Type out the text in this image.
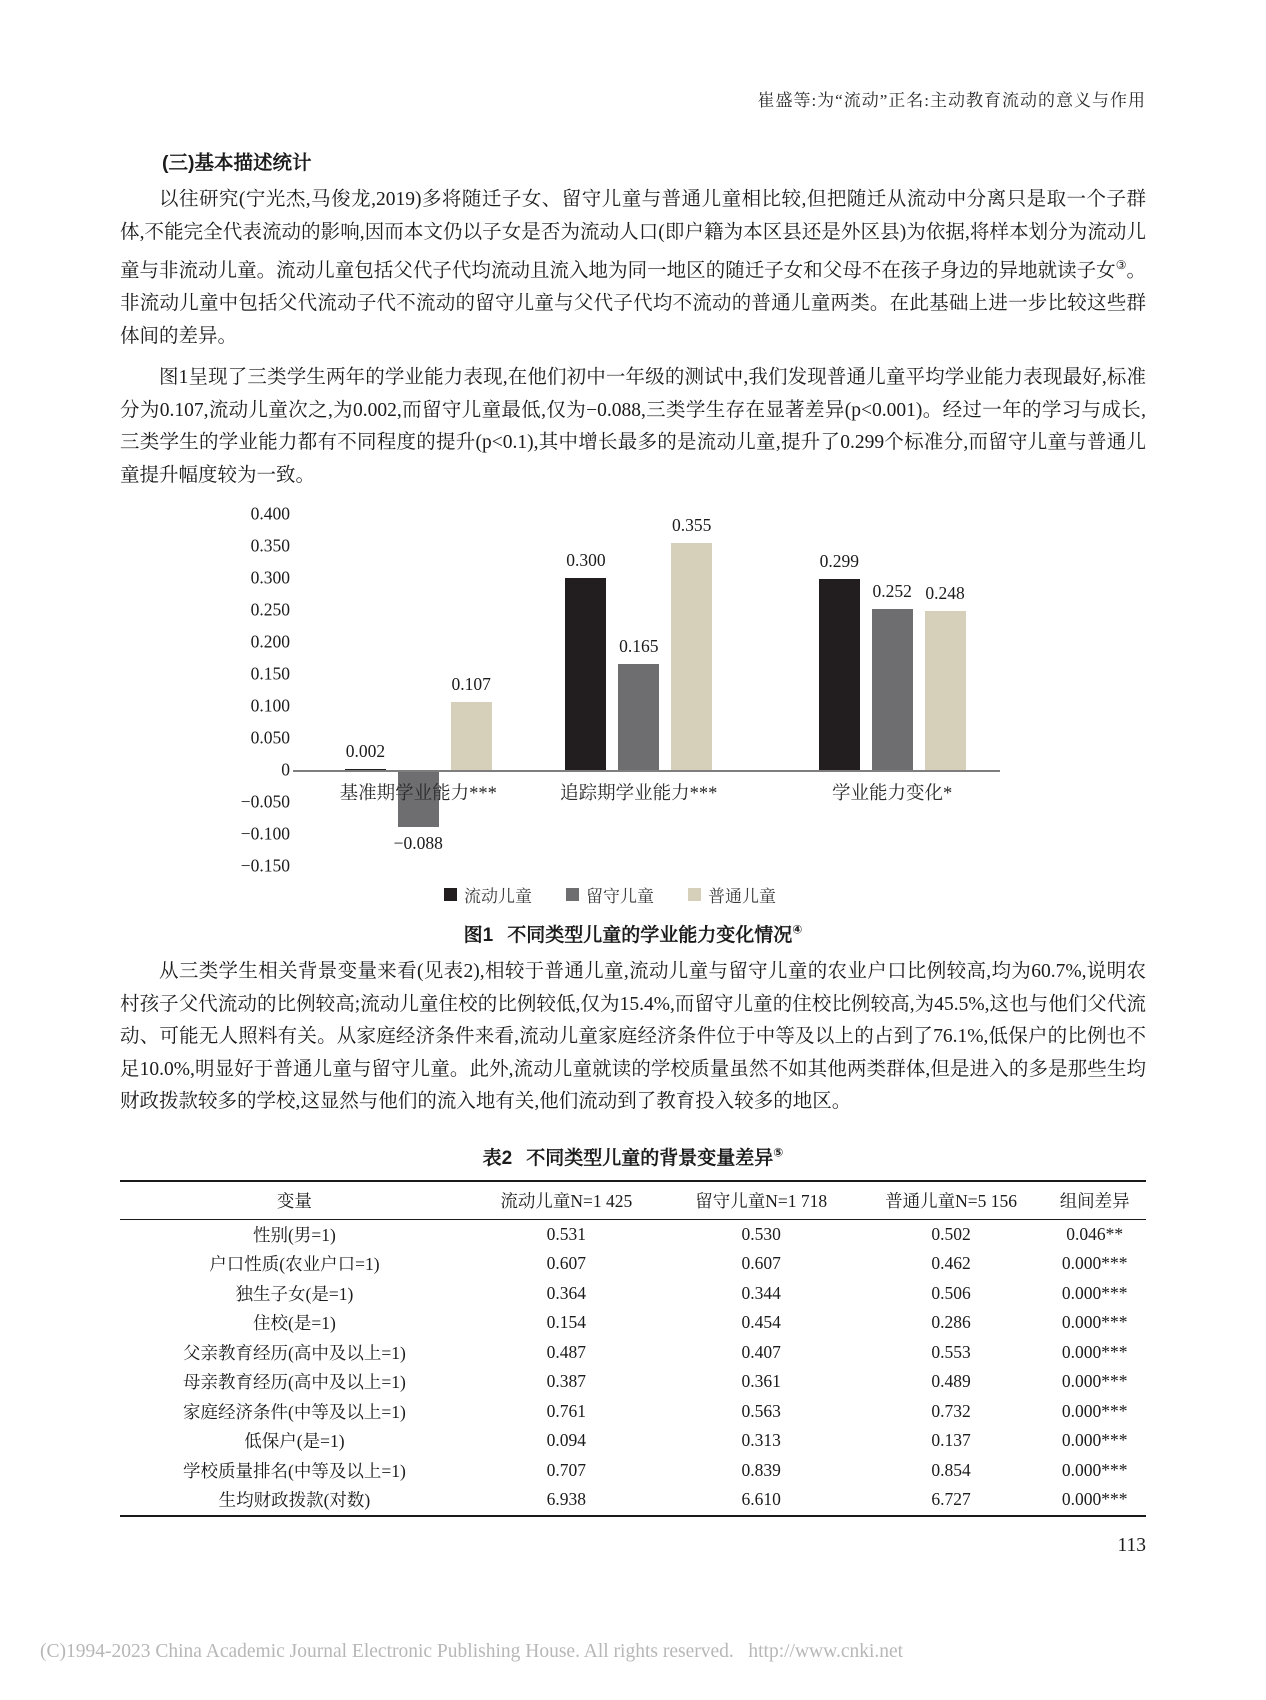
崔盛等:为“流动”正名:主动教育流动的意义与作用
(三)基本描述统计

以往研究(宁光杰,马俊龙,2019)多将随迁子女、留守儿童与普通儿童相比较,但把随迁从流动中分离只是取一个子群体,不能完全代表流动的影响,因而本文仍以子女是否为流动人口(即户籍为本区县还是外区县)为依据,将样本划分为流动儿童与非流动儿童。流动儿童包括父代子代均流动且流入地为同一地区的随迁子女和父母不在孩子身边的异地就读子女③。非流动儿童中包括父代流动子代不流动的留守儿童与父代子代均不流动的普通儿童两类。在此基础上进一步比较这些群体间的差异。

图1呈现了三类学生两年的学业能力表现,在他们初中一年级的测试中,我们发现普通儿童平均学业能力表现最好,标准分为0.107,流动儿童次之,为0.002,而留守儿童最低,仅为−0.088,三类学生存在显著差异(p<0.001)。经过一年的学习与成长,三类学生的学业能力都有不同程度的提升(p<0.1),其中增长最多的是流动儿童,提升了0.299个标准分,而留守儿童与普通儿童提升幅度较为一致。

0.400
0.350
0.300
0.250
0.200
0.150
0.100
0.050
0
−0.050
−0.100
−0.150
0.002
−0.088
0.107
基准期学业能力***
0.300
0.165
0.355
追踪期学业能力***
0.299
0.252 0.248
学业能力变化*
流动儿童	留守儿童	普通儿童
图1 不同类型儿童的学业能力变化情况④

从三类学生相关背景变量来看(见表2),相较于普通儿童,流动儿童与留守儿童的农业户口比例较高,均为60.7%,说明农村孩子父代流动的比例较高;流动儿童住校的比例较低,仅为15.4%,而留守儿童的住校比例较高,为45.5%,这也与他们父代流动、可能无人照料有关。从家庭经济条件来看,流动儿童家庭经济条件位于中等及以上的占到了76.1%,低保户的比例也不足10.0%,明显好于普通儿童与留守儿童。此外,流动儿童就读的学校质量虽然不如其他两类群体,但是进入的多是那些生均财政拨款较多的学校,这显然与他们的流入地有关,他们流动到了教育投入较多的地区。

表2 不同类型儿童的背景变量差异⑤
变量	流动儿童N=1 425	留守儿童N=1 718	普通儿童N=5 156	组间差异
性别(男=1)	0.531	0.530	0.502	0.046**
户口性质(农业户口=1)	0.607	0.607	0.462	0.000***
独生子女(是=1)	0.364	0.344	0.506	0.000***
住校(是=1)	0.154	0.454	0.286	0.000***
父亲教育经历(高中及以上=1)	0.487	0.407	0.553	0.000***
母亲教育经历(高中及以上=1)	0.387	0.361	0.489	0.000***
家庭经济条件(中等及以上=1)	0.761	0.563	0.732	0.000***
低保户(是=1)	0.094	0.313	0.137	0.000***
学校质量排名(中等及以上=1)	0.707	0.839	0.854	0.000***
生均财政拨款(对数)	6.938	6.610	6.727	0.000***
113
(C)1994-2023 China Academic Journal Electronic Publishing House. All rights reserved.   http://www.cnki.net
